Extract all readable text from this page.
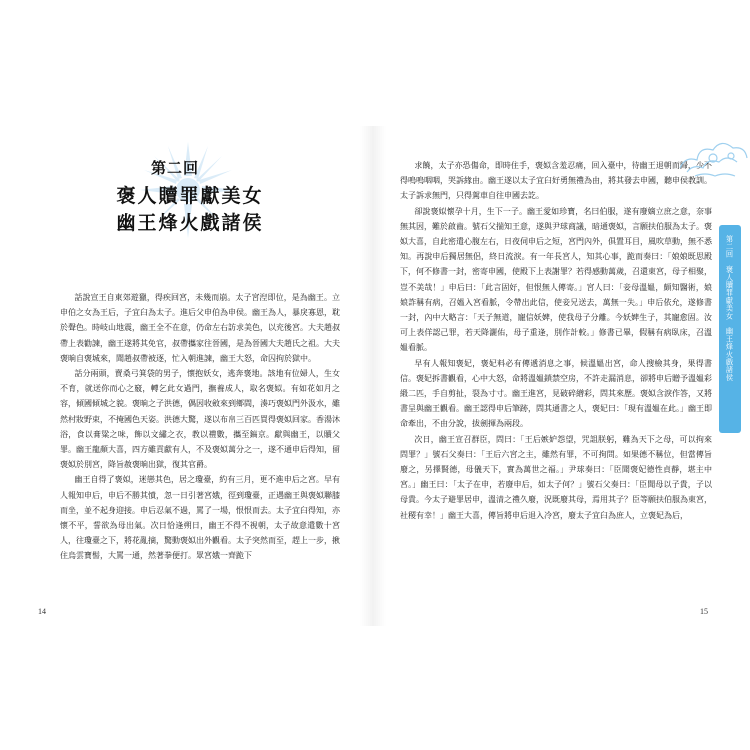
第二回
褒人贖罪獻美女
幽王烽火戲諸侯

話說宣王自東郊遊獵，得疾回宮，未幾而崩。太子宮湼即位，是為幽王。立申伯之女為王后，子宜臼為太子。進后父申伯為申侯。幽王為人，暴戾寡恩，耽於聲色。時岐山地震，幽王全不在意，仍命左右訪求美色，以充後宮。大夫趙叔帶上表勸諫，幽王遂將其免官，叔帶攜家往晉國，是為晉國大夫趙氏之祖。大夫褒晌自褒城來，聞趙叔帶被逐，忙入朝進諫，幽王大怒，命囚拘於獄中。

話分兩頭，賣桑弓箕袋的男子，懷抱妖女，逃奔褒地。該地有位婦人，生女不育，就送你而心之竅，轉乞此女過門，撫養成人，取名褒姒。有如花如月之容，傾國傾城之貌。褒晌之子洪德，偶因收斂來到鄉間，湊巧褒姒門外汲水，雖然村妝野束，不掩國色天姿。洪德大驚，遂以布帛三百匹買得褒姒回家。香湯沐浴，食以膏粱之味，飾以文繡之衣，教以禮數，攜至鎬京。獻與幽王，以贖父罪。幽王龍顏大喜，四方雖貢獻有人，不及褒姒萬分之一，遂不通申后得知，留褒姒於別宮，降旨赦褒晌出獄，復其官爵。

幽王自得了褒姒，迷戀其色，居之瓊臺，約有三月，更不進申后之宮。早有人報知申后，申后不勝其憤，忽一日引著宮娥，徑到瓊臺，正遇幽王與褒姒聯膝而坐，並不起身迎接。申后忍氣不過，罵了一場，恨恨而去。太子宜臼得知，亦懷不平，誓欲為母出氣。次日恰逢朔日，幽王不得不視朝，太子故意遣數十宮人，往瓊臺之下，將花亂摘，驚動褒姒出外觀看。太子突然而至，趕上一步，揪住烏雲寶髻，大罵一通，然著拳便打。眾宮娥一齊跪下

求饒，太子亦恐傷命，即時住手，褒姒含羞忍痛，回入臺中，待幽王退朝而歸，少不得嗚嗚咽咽，哭訴緣由。幽王遂以太子宜臼好勇無禮為由，將其發去申國，聽申侯教訓。太子訴求無門，只得駕車自往申國去訖。

卻說褒姒懷孕十月，生下一子。幽王愛如珍寶，名曰伯服，遂有廢嫡立庶之意，奈事無其因，難於啟齒。號石父揣知王意，遂與尹球商議，暗通褒姒，言願扶伯服為太子。褒姒大喜，自此密遣心腹左右，日夜伺申后之短，宮門內外，俱置耳目，風吹草動，無不悉知。再說申后獨居無侶，終日流淚。有一年長宮人，知其心事，跪而奏曰：「娘娘既思殿下，何不修書一封，密寄申國，使殿下上表謝罪？若得感動萬歲，召還東宮，母子相聚，豈不美哉！」申后曰：「此言固好，但恨無人傳寄。」宮人曰：「妾母溫媼，頗知醫術，娘娘詐稱有病，召媼入宮看脈，令帶出此信，使妾兄送去，萬無一失。」申后依允，遂修書一封，內中大略言：「天子無道，寵信妖婢，使我母子分離。今妖婢生子，其寵愈固。汝可上表佯認己罪，若天降灑佑，母子重逢，別作計較。」修書已畢，假稱有病臥床，召溫媼看脈。

早有人報知褒妃，褒妃料必有傳遞消息之事，候溫媼出宮，命人搜檢其身，果得書信。褒妃拆書觀看，心中大怒，命將溫媼鎖禁空房，不許走漏消息，卻將申后贈予溫媼彩緞二匹，手自剪扯，裂為寸寸。幽王進宮，見破碎繒彩，問其來歷。褒姒含淚作答，又將書呈與幽王觀看。幽王認得申后筆跡，問其通書之人，褒妃曰：「現有溫媼在此。」幽王即命牽出，不由分說，拔劍揮為兩段。

次日，幽王宣召群臣，問曰：「王后嫉妒怨望，咒詛朕躬，難為天下之母，可以拘來問罪？」號石父奏曰：「王后六宮之主，雖然有罪，不可拘問。如果德不稱位，但當傳旨廢之，另擇賢德，母儀天下，實為萬世之福。」尹球奏曰：「臣聞褒妃德性貞靜，堪主中宮。」幽王曰：「太子在申，若廢申后，如太子何？」號石父奏曰：「臣聞母以子貴，子以母貴。今太子避罪居申，溫清之禮久廢，況既廢其母，焉用其子？臣等願扶伯服為東宮，社稷有幸！」幽王大喜，傳旨將申后退入冷宮，廢太子宜臼為庶人，立褒妃為后，

14	15
第二回　褒人贖罪獻美女　幽王烽火戲諸侯
